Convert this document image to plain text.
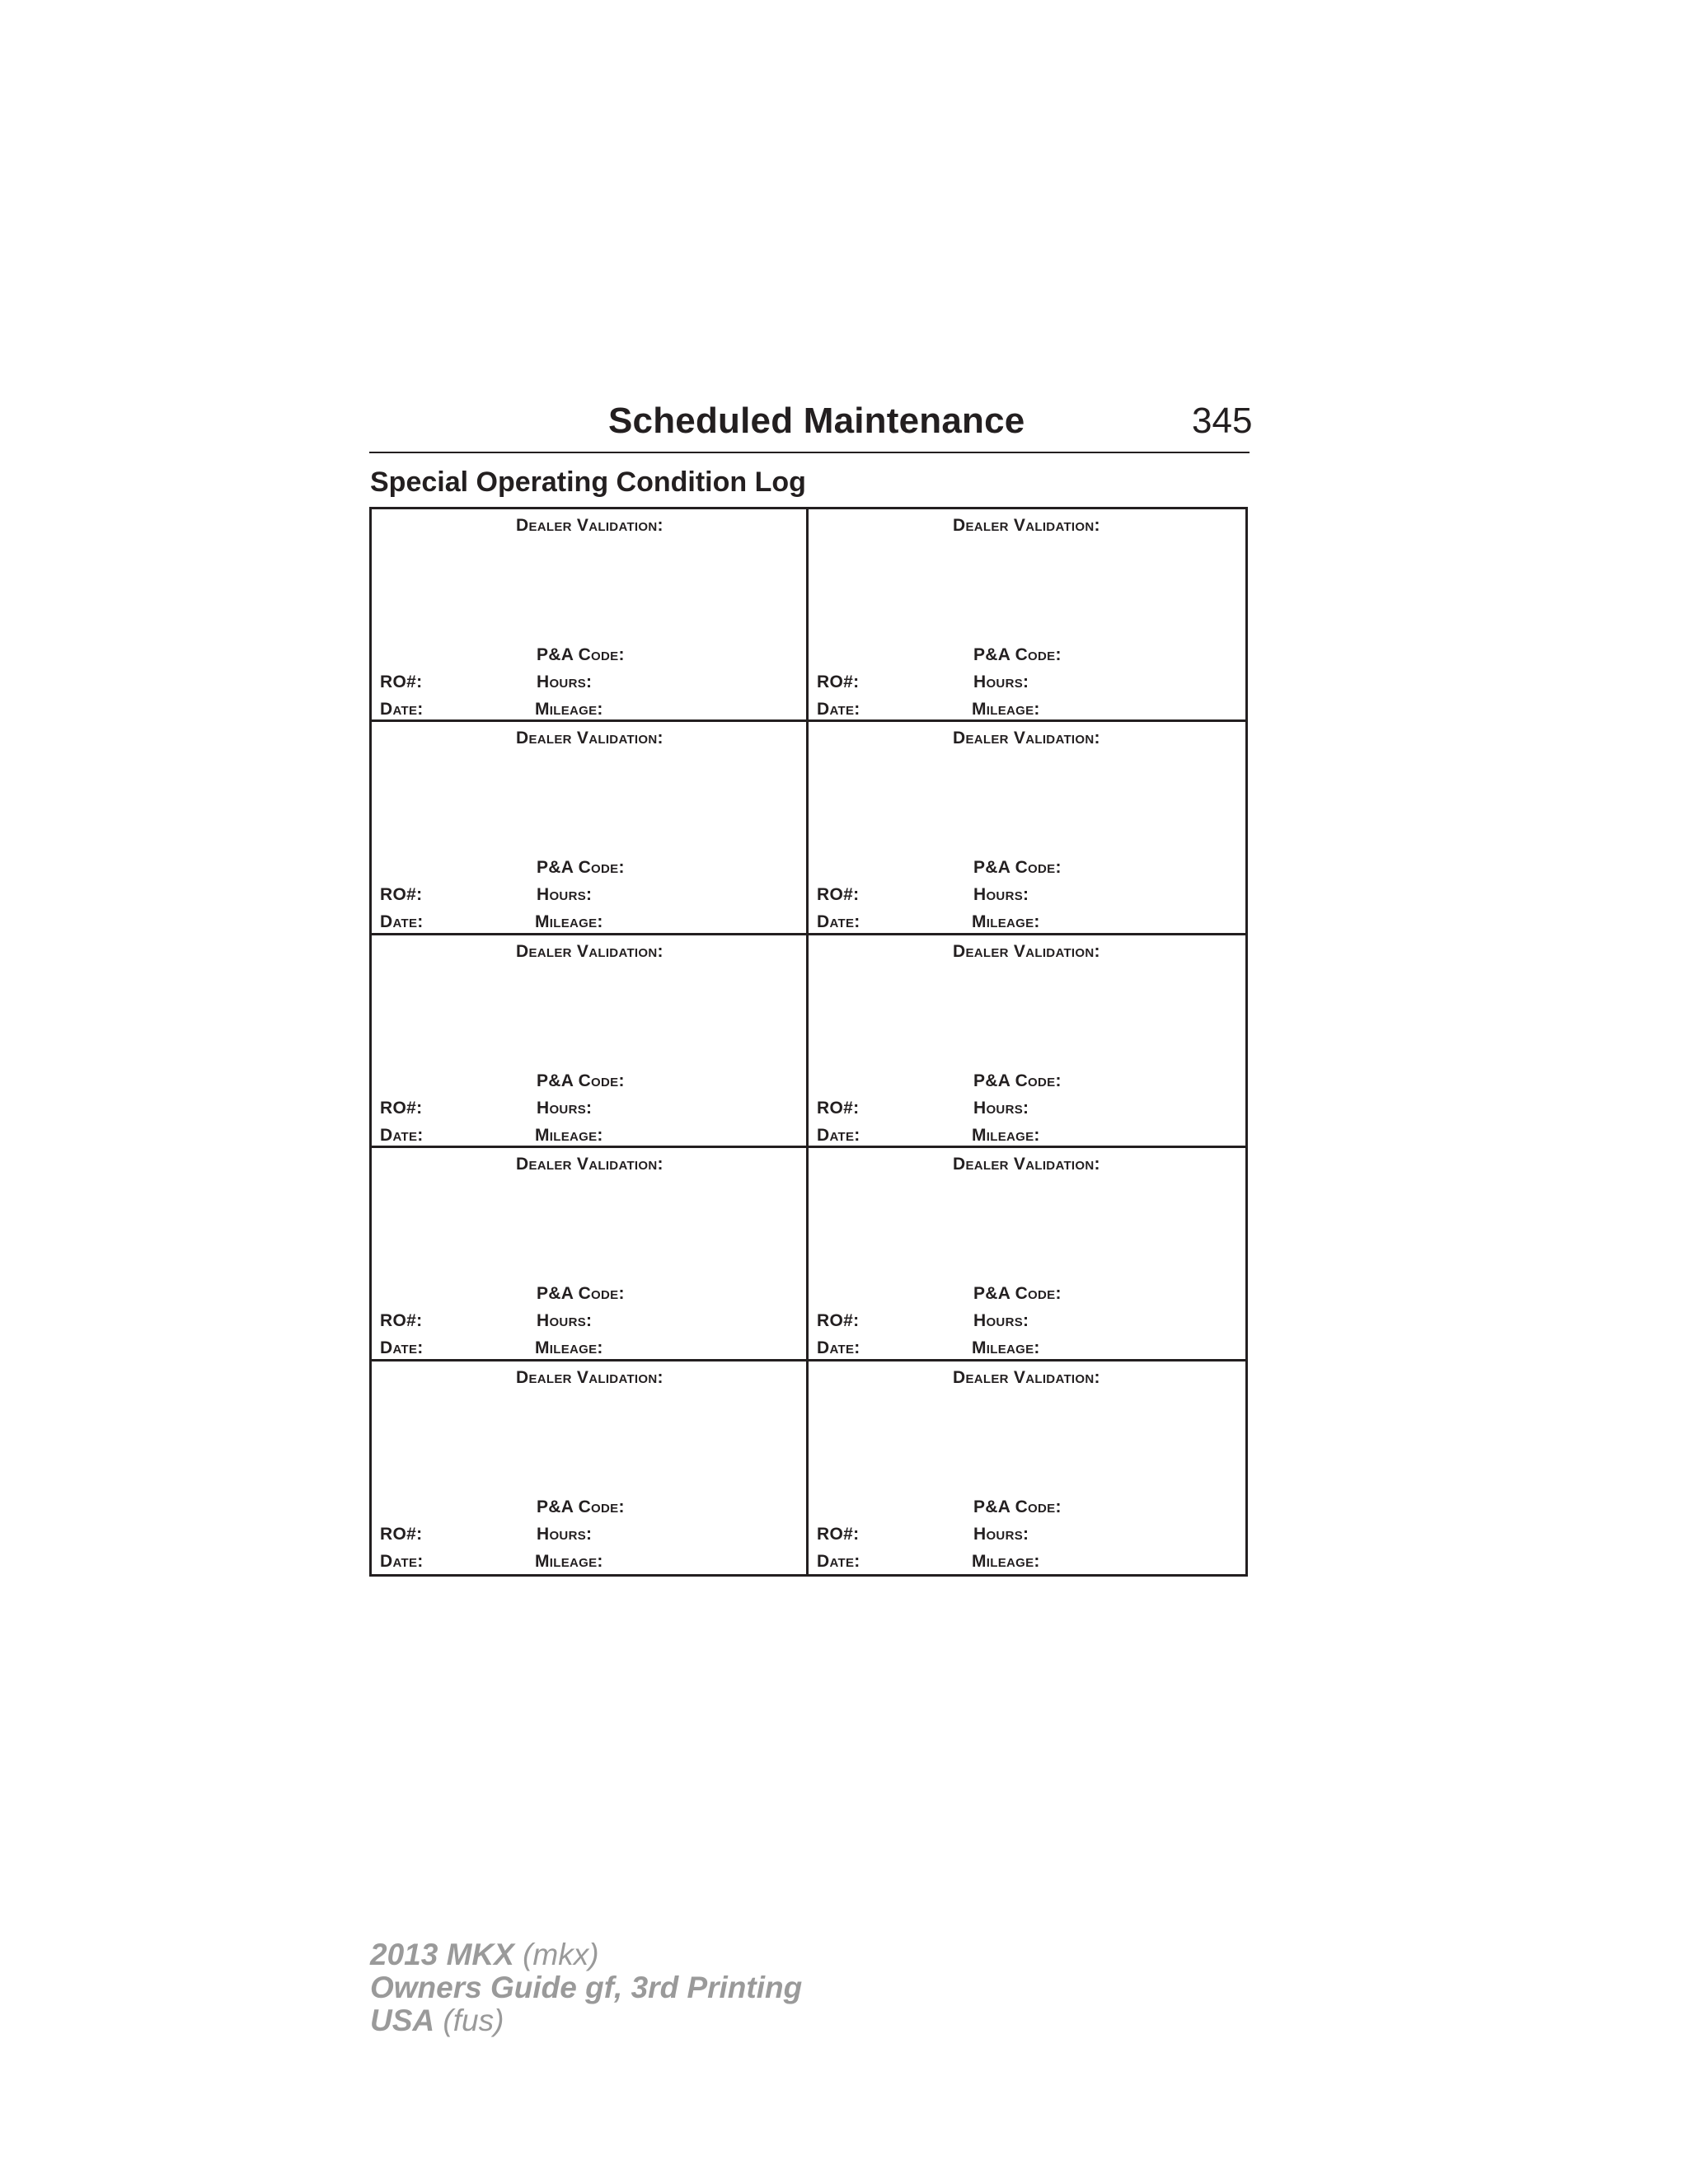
Scheduled Maintenance	345
Special Operating Condition Log
Dealer Validation:
P&A Code:
RO#:	Hours:
Date:	Mileage:
Dealer Validation:
P&A Code:
RO#:	Hours:
Date:	Mileage:
Dealer Validation:
P&A Code:
RO#:	Hours:
Date:	Mileage:
Dealer Validation:
P&A Code:
RO#:	Hours:
Date:	Mileage:
Dealer Validation:
P&A Code:
RO#:	Hours:
Date:	Mileage:
Dealer Validation:
P&A Code:
RO#:	Hours:
Date:	Mileage:
Dealer Validation:
P&A Code:
RO#:	Hours:
Date:	Mileage:
Dealer Validation:
P&A Code:
RO#:	Hours:
Date:	Mileage:
Dealer Validation:
P&A Code:
RO#:	Hours:
Date:	Mileage:
Dealer Validation:
P&A Code:
RO#:	Hours:
Date:	Mileage:
2013 MKX (mkx)
Owners Guide gf, 3rd Printing
USA (fus)
